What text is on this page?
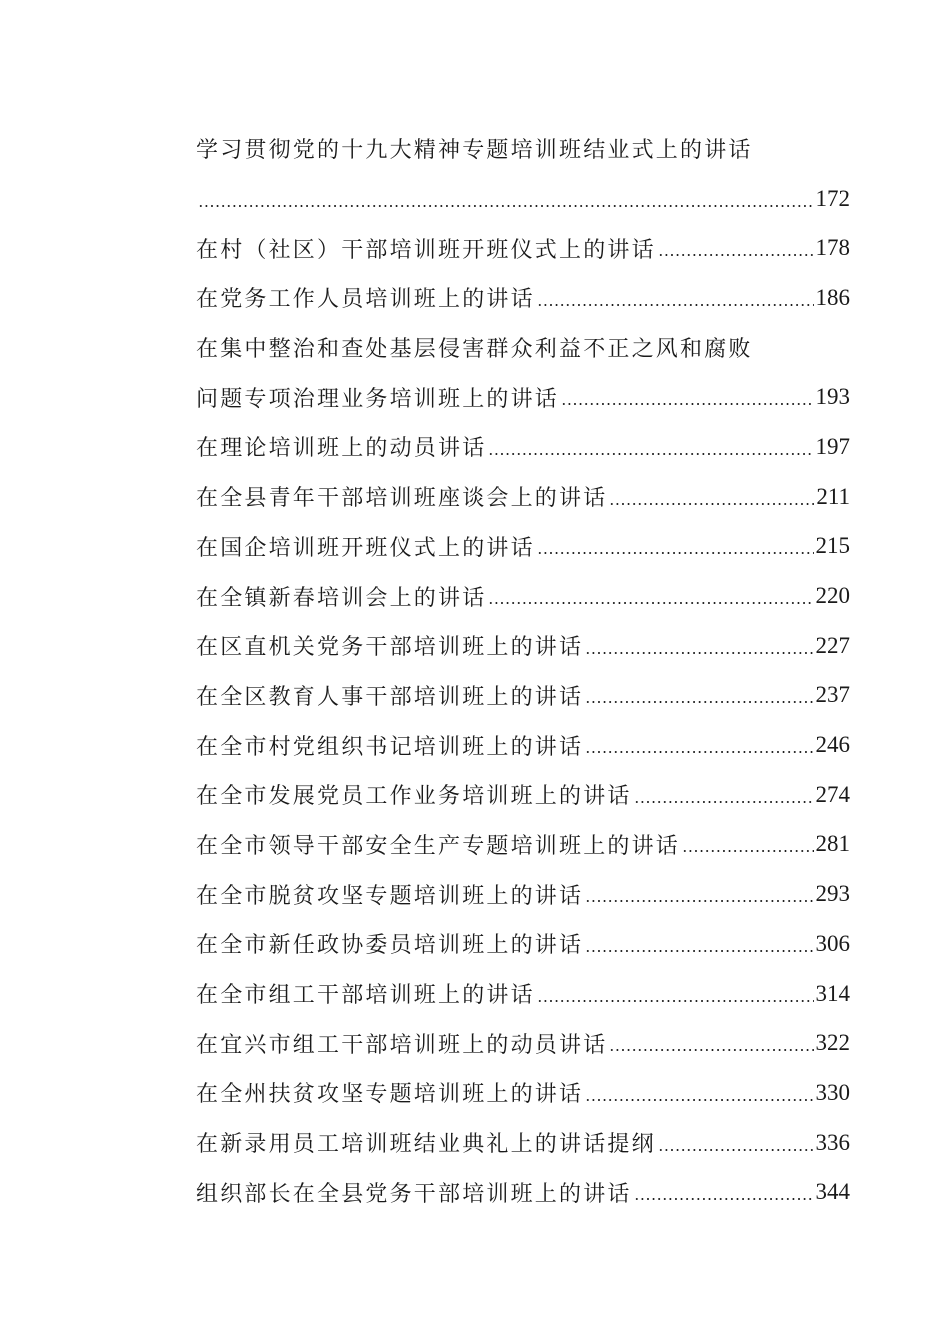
学习贯彻党的十九大精神专题培训班结业式上的讲话
172
在村（社区）干部培训班开班仪式上的讲话	178
在党务工作人员培训班上的讲话	186
在集中整治和查处基层侵害群众利益不正之风和腐败
问题专项治理业务培训班上的讲话	193
在理论培训班上的动员讲话	197
在全县青年干部培训班座谈会上的讲话	211
在国企培训班开班仪式上的讲话	215
在全镇新春培训会上的讲话	220
在区直机关党务干部培训班上的讲话	227
在全区教育人事干部培训班上的讲话	237
在全市村党组织书记培训班上的讲话	246
在全市发展党员工作业务培训班上的讲话	274
在全市领导干部安全生产专题培训班上的讲话	281
在全市脱贫攻坚专题培训班上的讲话	293
在全市新任政协委员培训班上的讲话	306
在全市组工干部培训班上的讲话	314
在宜兴市组工干部培训班上的动员讲话	322
在全州扶贫攻坚专题培训班上的讲话	330
在新录用员工培训班结业典礼上的讲话提纲	336
组织部长在全县党务干部培训班上的讲话	344
